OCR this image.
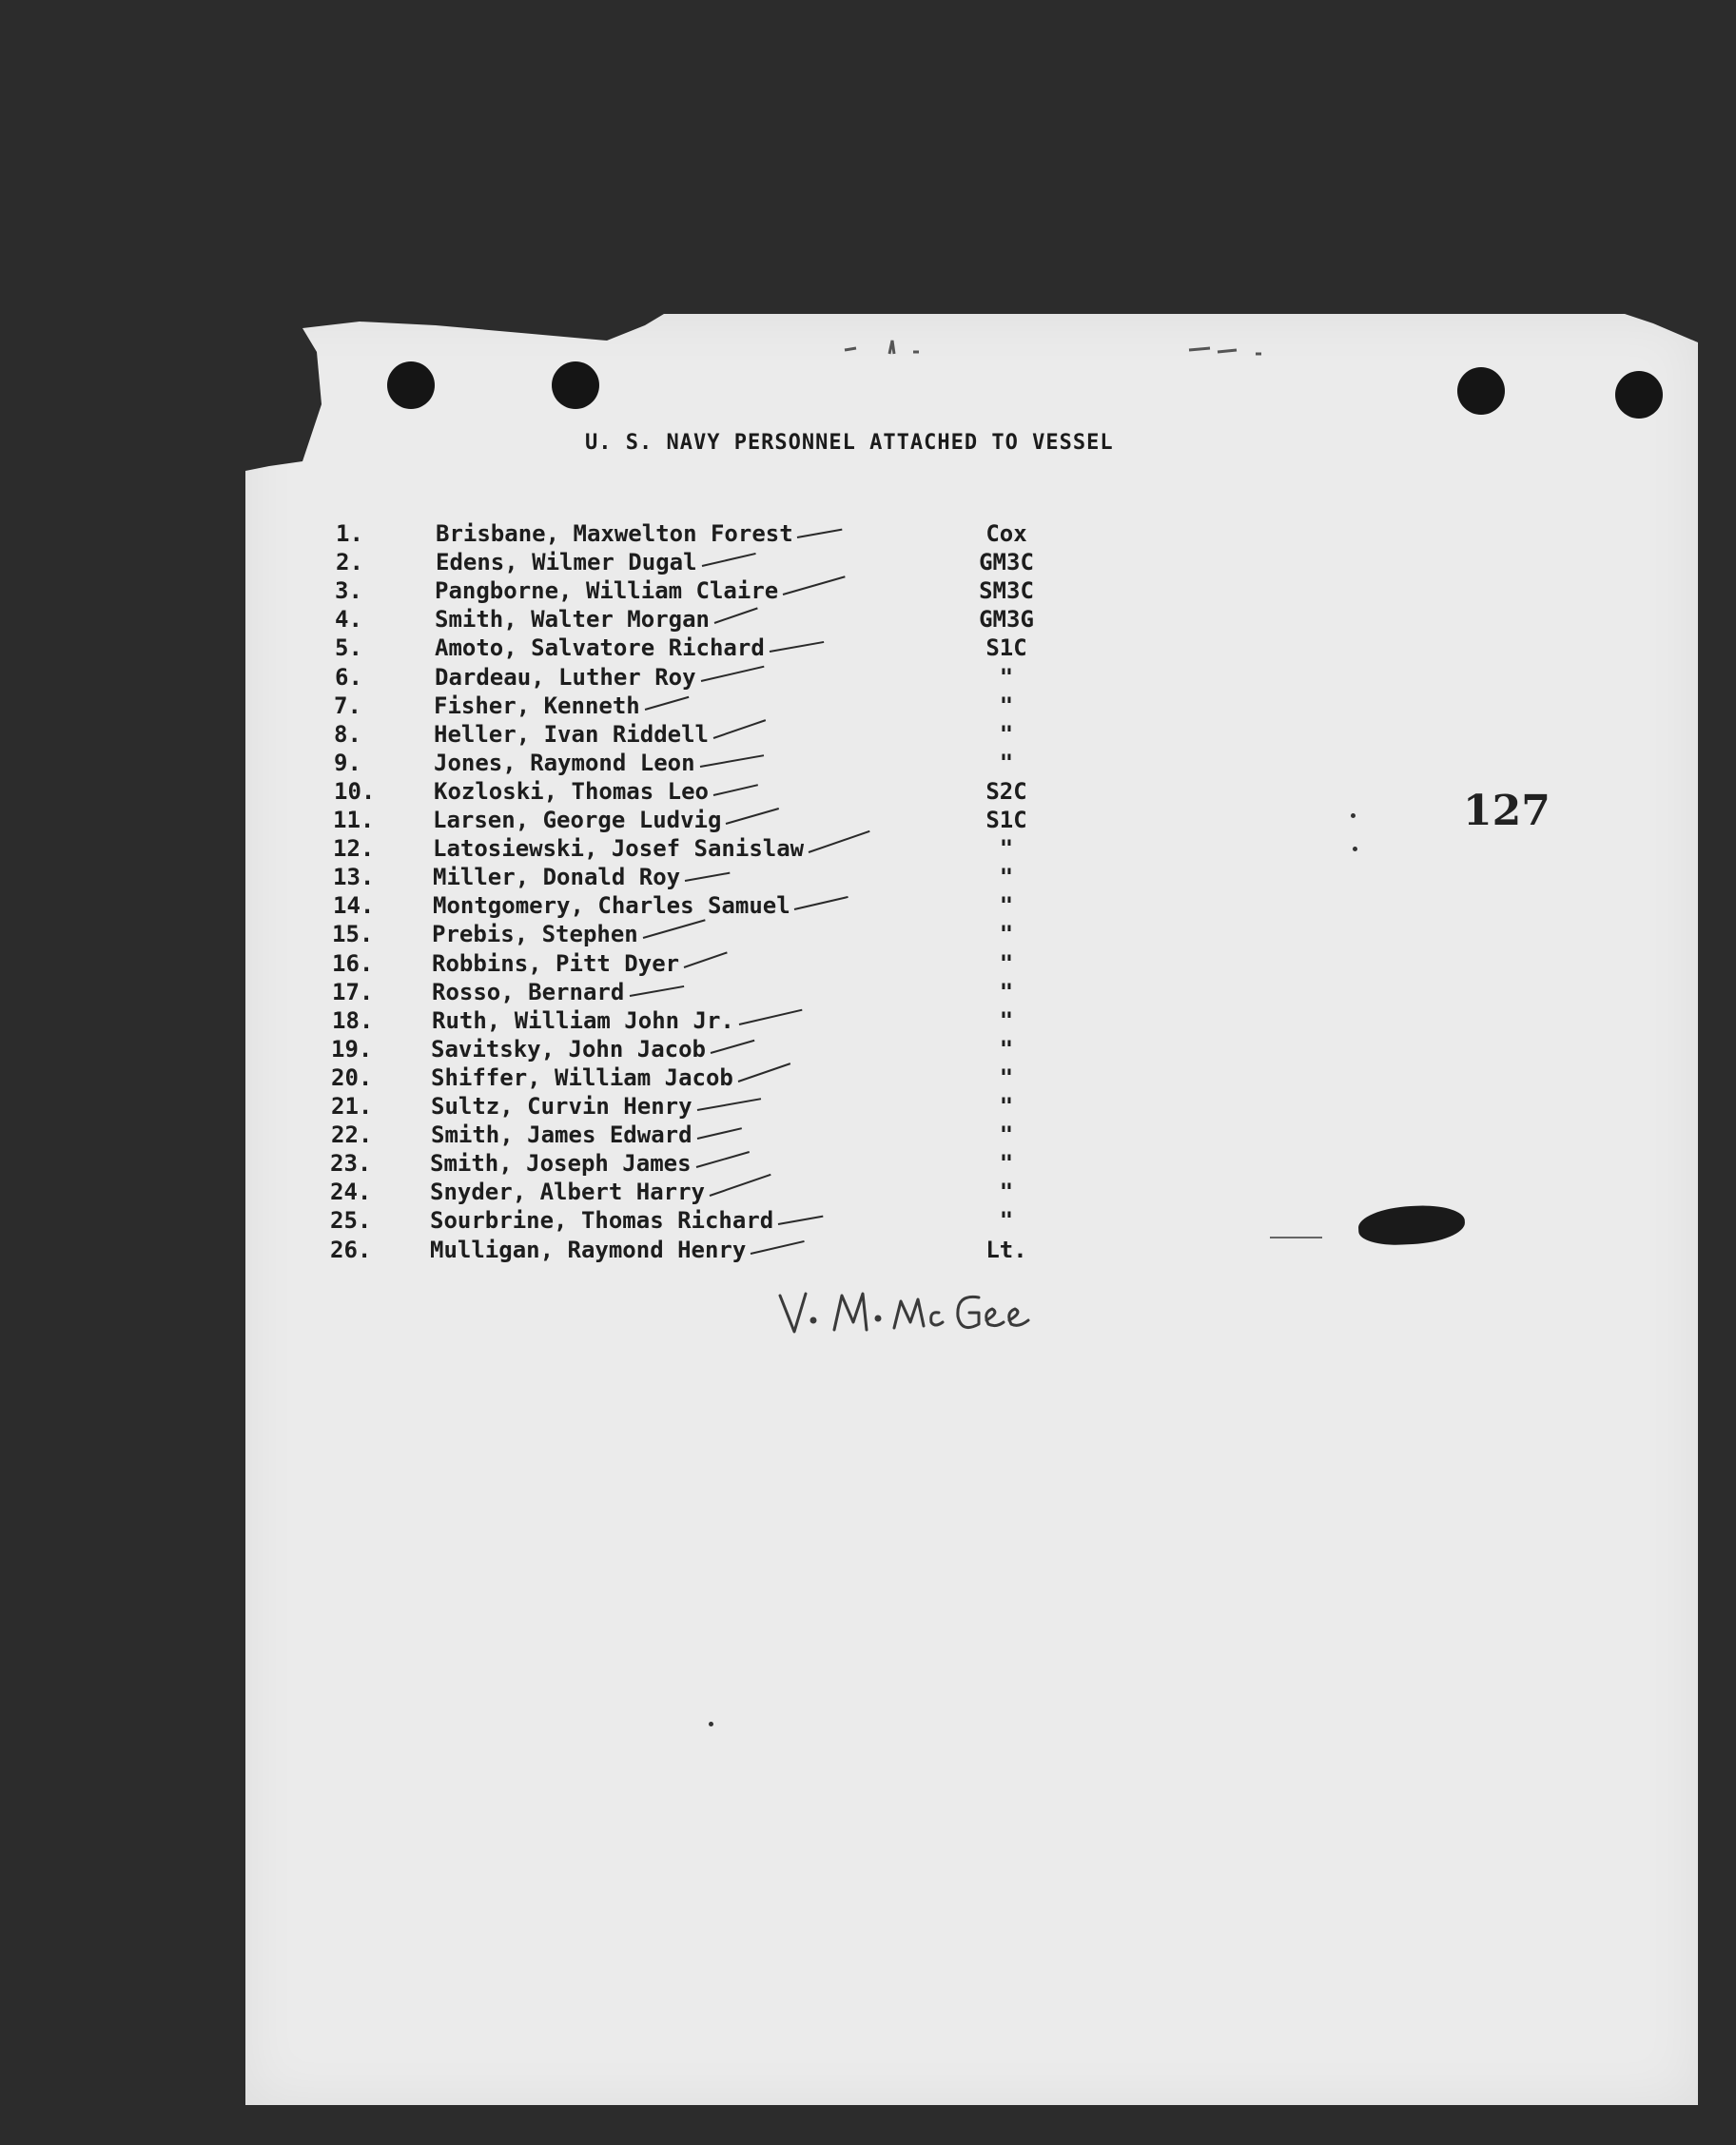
U. S. NAVY PERSONNEL ATTACHED TO VESSEL
1.	Brisbane, Maxwelton Forest	Cox
2.	Edens, Wilmer Dugal	GM3C
3.	Pangborne, William Claire	SM3C
4.	Smith, Walter Morgan	GM3G
5.	Amoto, Salvatore Richard	S1C
6.	Dardeau, Luther Roy	"
7.	Fisher, Kenneth	"
8.	Heller, Ivan Riddell	"
9.	Jones, Raymond Leon	"
10.	Kozloski, Thomas Leo	S2C
11.	Larsen, George Ludvig	S1C
12.	Latosiewski, Josef Sanislaw	"
13.	Miller, Donald Roy	"
14.	Montgomery, Charles Samuel	"
15.	Prebis, Stephen	"
16.	Robbins, Pitt Dyer	"
17.	Rosso, Bernard	"
18.	Ruth, William John Jr.	"
19.	Savitsky, John Jacob	"
20.	Shiffer, William Jacob	"
21.	Sultz, Curvin Henry	"
22.	Smith, James Edward	"
23.	Smith, Joseph James	"
24.	Snyder, Albert Harry	"
25.	Sourbrine, Thomas Richard	"
26.	Mulligan, Raymond Henry	Lt.
127
